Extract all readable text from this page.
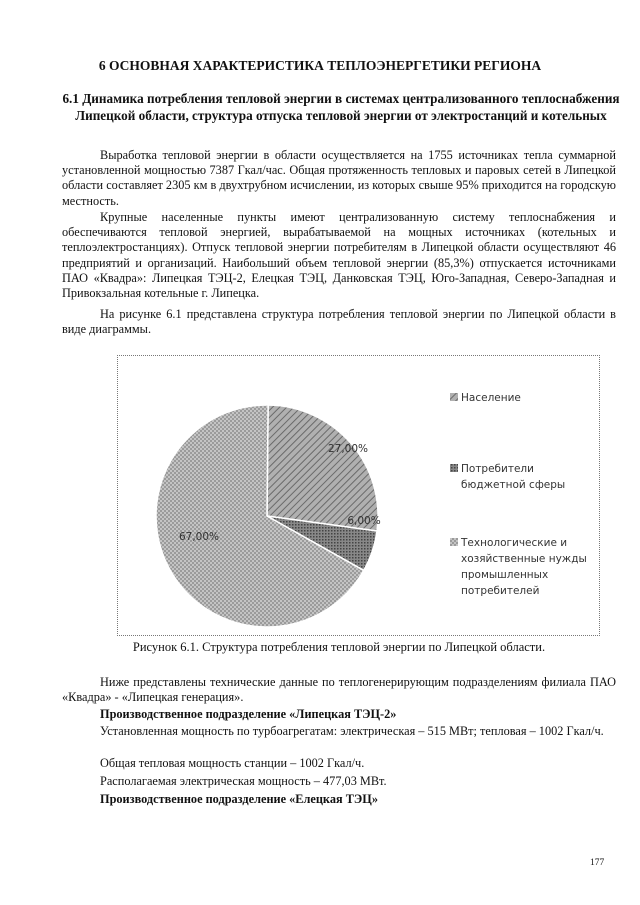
6 ОСНОВНАЯ ХАРАКТЕРИСТИКА ТЕПЛОЭНЕРГЕТИКИ РЕГИОНА
6.1 Динамика потребления тепловой энергии в системах централизованного теплоснабжения Липецкой области, структура отпуска тепловой энергии от электростанций и котельных
Выработка тепловой энергии в области осуществляется на 1755 источниках тепла суммарной установленной мощностью 7387 Гкал/час. Общая протяженность тепловых и паровых сетей в Липецкой области составляет 2305 км в двухтрубном исчислении, из которых свыше 95% приходится на городскую местность.
Крупные населенные пункты имеют централизованную систему теплоснабжения и обеспечиваются тепловой энергией, вырабатываемой на мощных источниках (котельных и теплоэлектростанциях). Отпуск тепловой энергии потребителям в Липецкой области осуществляют 46 предприятий и организаций. Наибольший объем тепловой энергии (85,3%) отпускается источниками ПАО «Квадра»: Липецкая ТЭЦ-2, Елецкая ТЭЦ, Данковская ТЭЦ, Юго-Западная, Северо-Западная и Привокзальная котельные г. Липецка.
На рисунке 6.1 представлена структура потребления тепловой энергии по Липецкой области в виде диаграммы.
27,00%
6,00%
67,00%
Население
Потребители
бюджетной сферы
Технологические и
хозяйственные нужды
промышленных
потребителей
Рисунок 6.1. Структура потребления тепловой энергии по Липецкой области.
Ниже представлены технические данные по теплогенерирующим подразделениям филиала ПАО «Квадра» - «Липецкая генерация».
Производственное подразделение «Липецкая ТЭЦ-2»
Установленная мощность по турбоагрегатам: электрическая – 515 МВт; тепловая – 1002 Гкал/ч.
Общая тепловая мощность станции – 1002 Гкал/ч.
Располагаемая электрическая мощность – 477,03 МВт.
Производственное подразделение «Елецкая ТЭЦ»
177
